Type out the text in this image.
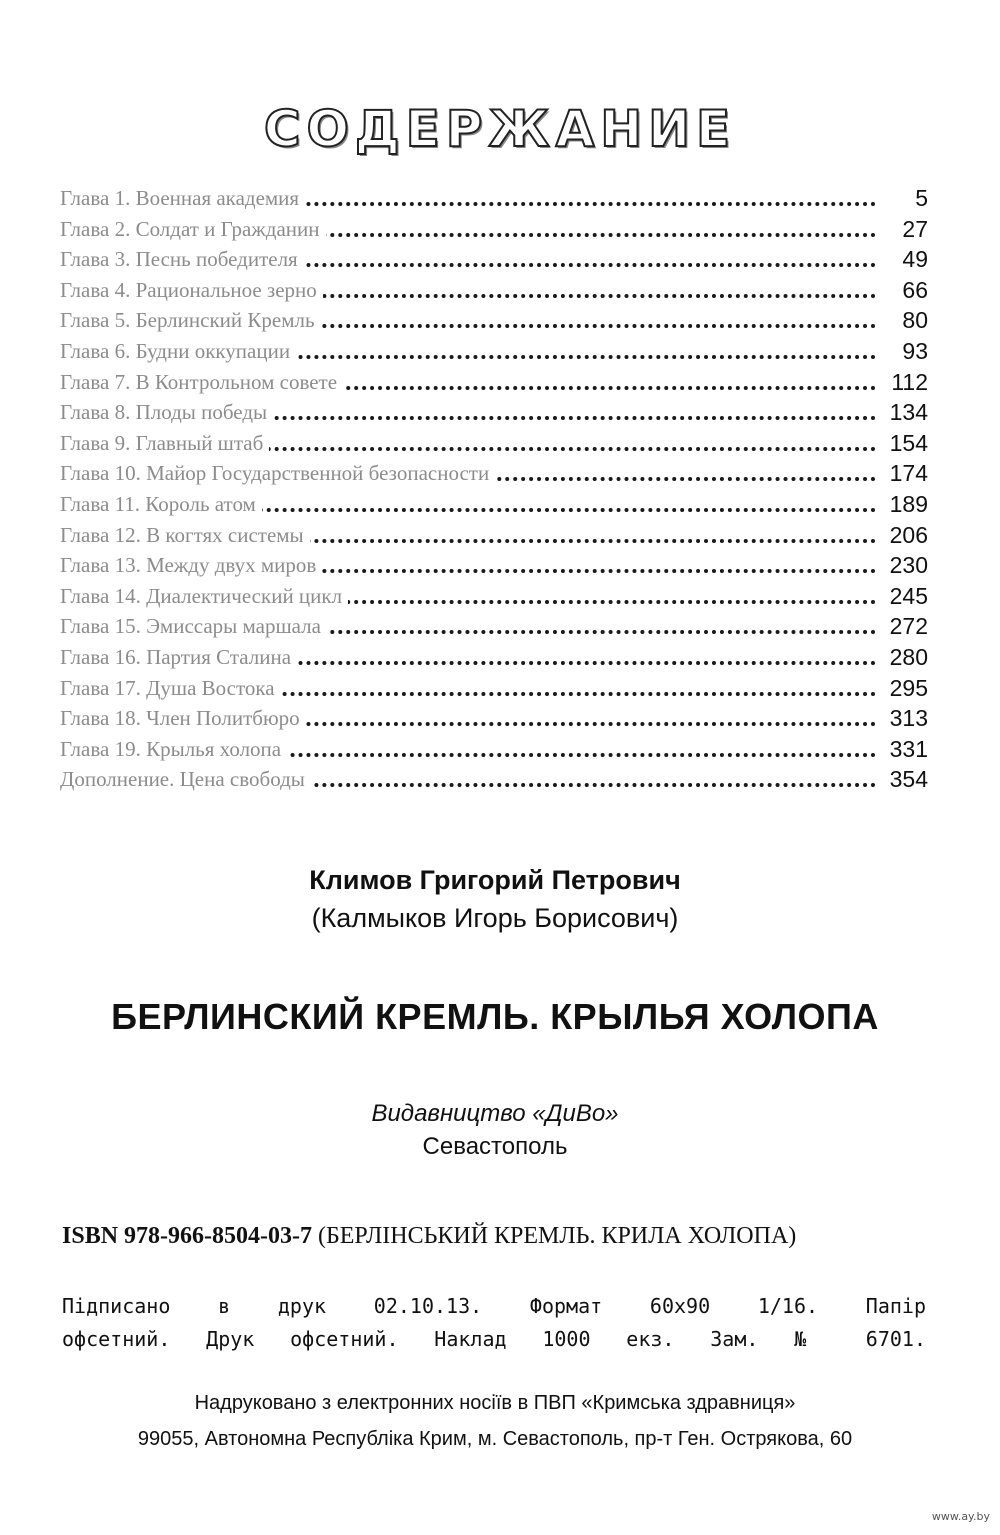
СОДЕРЖАНИЕ
Глава 1. Военная академия	5
Глава 2. Солдат и Гражданин	27
Глава 3. Песнь победителя	49
Глава 4. Рациональное зерно	66
Глава 5. Берлинский Кремль	80
Глава 6. Будни оккупации	93
Глава 7. В Контрольном совете	112
Глава 8. Плоды победы	134
Глава 9. Главный штаб	154
Глава 10. Майор Государственной безопасности	174
Глава 11. Король атом	189
Глава 12. В когтях системы	206
Глава 13. Между двух миров	230
Глава 14. Диалектический цикл	245
Глава 15. Эмиссары маршала	272
Глава 16. Партия Сталина	280
Глава 17. Душа Востока	295
Глава 18. Член Политбюро	313
Глава 19. Крылья холопа	331
Дополнение. Цена свободы	354
Климов Григорий Петрович
(Калмыков Игорь Борисович)
БЕРЛИНСКИЙ КРЕМЛЬ. КРЫЛЬЯ ХОЛОПА
Видавництво «ДиВо»
Севастополь
ISBN 978-966-8504-03-7 (БЕРЛІНСЬКИЙ КРЕМЛЬ. КРИЛА ХОЛОПА)
Підписано в друк 02.10.13. Формат 60x90 1/16. Папір
офсетний. Друк офсетний. Наклад 1000 екз. Зам. № 6701.
Надруковано з електронних носіїв в ПВП «Кримська здравниця»
99055, Автономна Республіка Крим, м. Севастополь, пр-т Ген. Острякова, 60
www.ay.by
